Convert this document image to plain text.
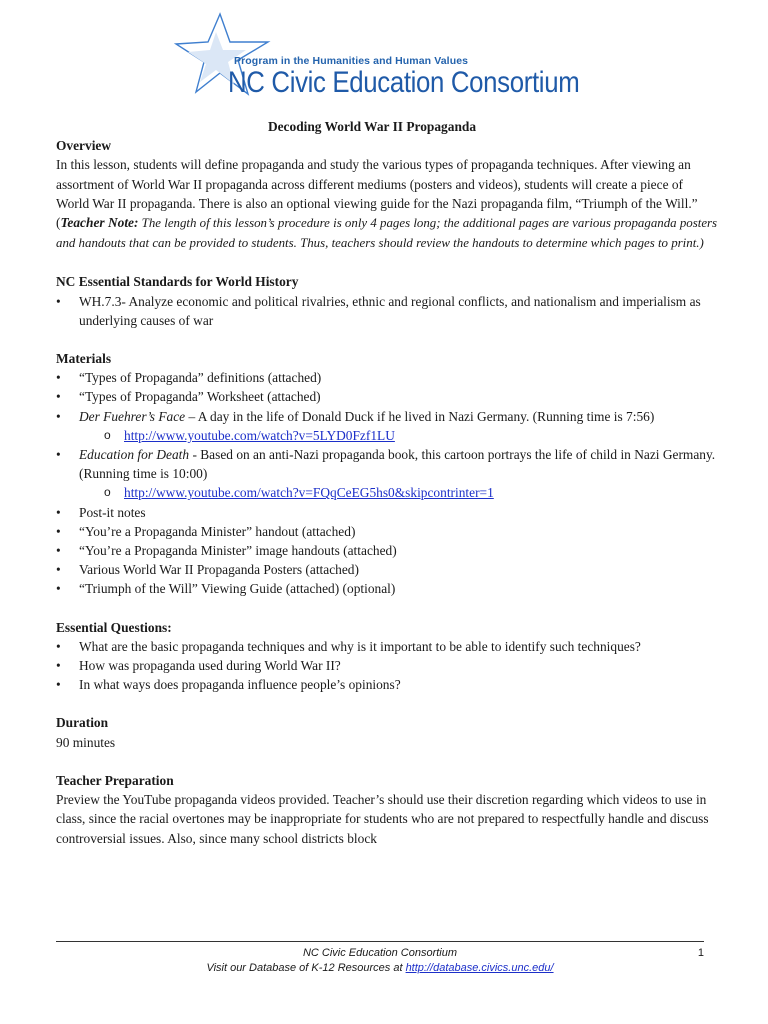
Program in the Humanities and Human Values
NC Civic Education Consortium
Decoding World War II Propaganda
Overview

In this lesson, students will define propaganda and study the various types of propaganda techniques. After viewing an assortment of World War II propaganda across different mediums (posters and videos), students will create a piece of World War II propaganda. There is also an optional viewing guide for the Nazi propaganda film, “Triumph of the Will.” (Teacher Note: The length of this lesson’s procedure is only 4 pages long; the additional pages are various propaganda posters and handouts that can be provided to students. Thus, teachers should review the handouts to determine which pages to print.)

NC Essential Standards for World History
• WH.7.3- Analyze economic and political rivalries, ethnic and regional conflicts, and nationalism and imperialism as underlying causes of war
Materials
• “Types of Propaganda” definitions (attached)
• “Types of Propaganda” Worksheet (attached)
• Der Fuehrer’s Face – A day in the life of Donald Duck if he lived in Nazi Germany. (Running time is 7:56)
o http://www.youtube.com/watch?v=5LYD0Fzf1LU
• Education for Death - Based on an anti-Nazi propaganda book, this cartoon portrays the life of child in Nazi Germany. (Running time is 10:00)
o http://www.youtube.com/watch?v=FQqCeEG5hs0&skipcontrinter=1
• Post-it notes
• “You’re a Propaganda Minister” handout (attached)
• “You’re a Propaganda Minister” image handouts (attached)
• Various World War II Propaganda Posters (attached)
• “Triumph of the Will” Viewing Guide (attached) (optional)
Essential Questions:
• What are the basic propaganda techniques and why is it important to be able to identify such techniques?
• How was propaganda used during World War II?
• In what ways does propaganda influence people’s opinions?
Duration

90 minutes

Teacher Preparation

Preview the YouTube propaganda videos provided. Teacher’s should use their discretion regarding which videos to use in class, since the racial overtones may be inappropriate for students who are not prepared to respectfully handle and discuss controversial issues. Also, since many school districts block

NC Civic Education Consortium	1
Visit our Database of K-12 Resources at http://database.civics.unc.edu/
